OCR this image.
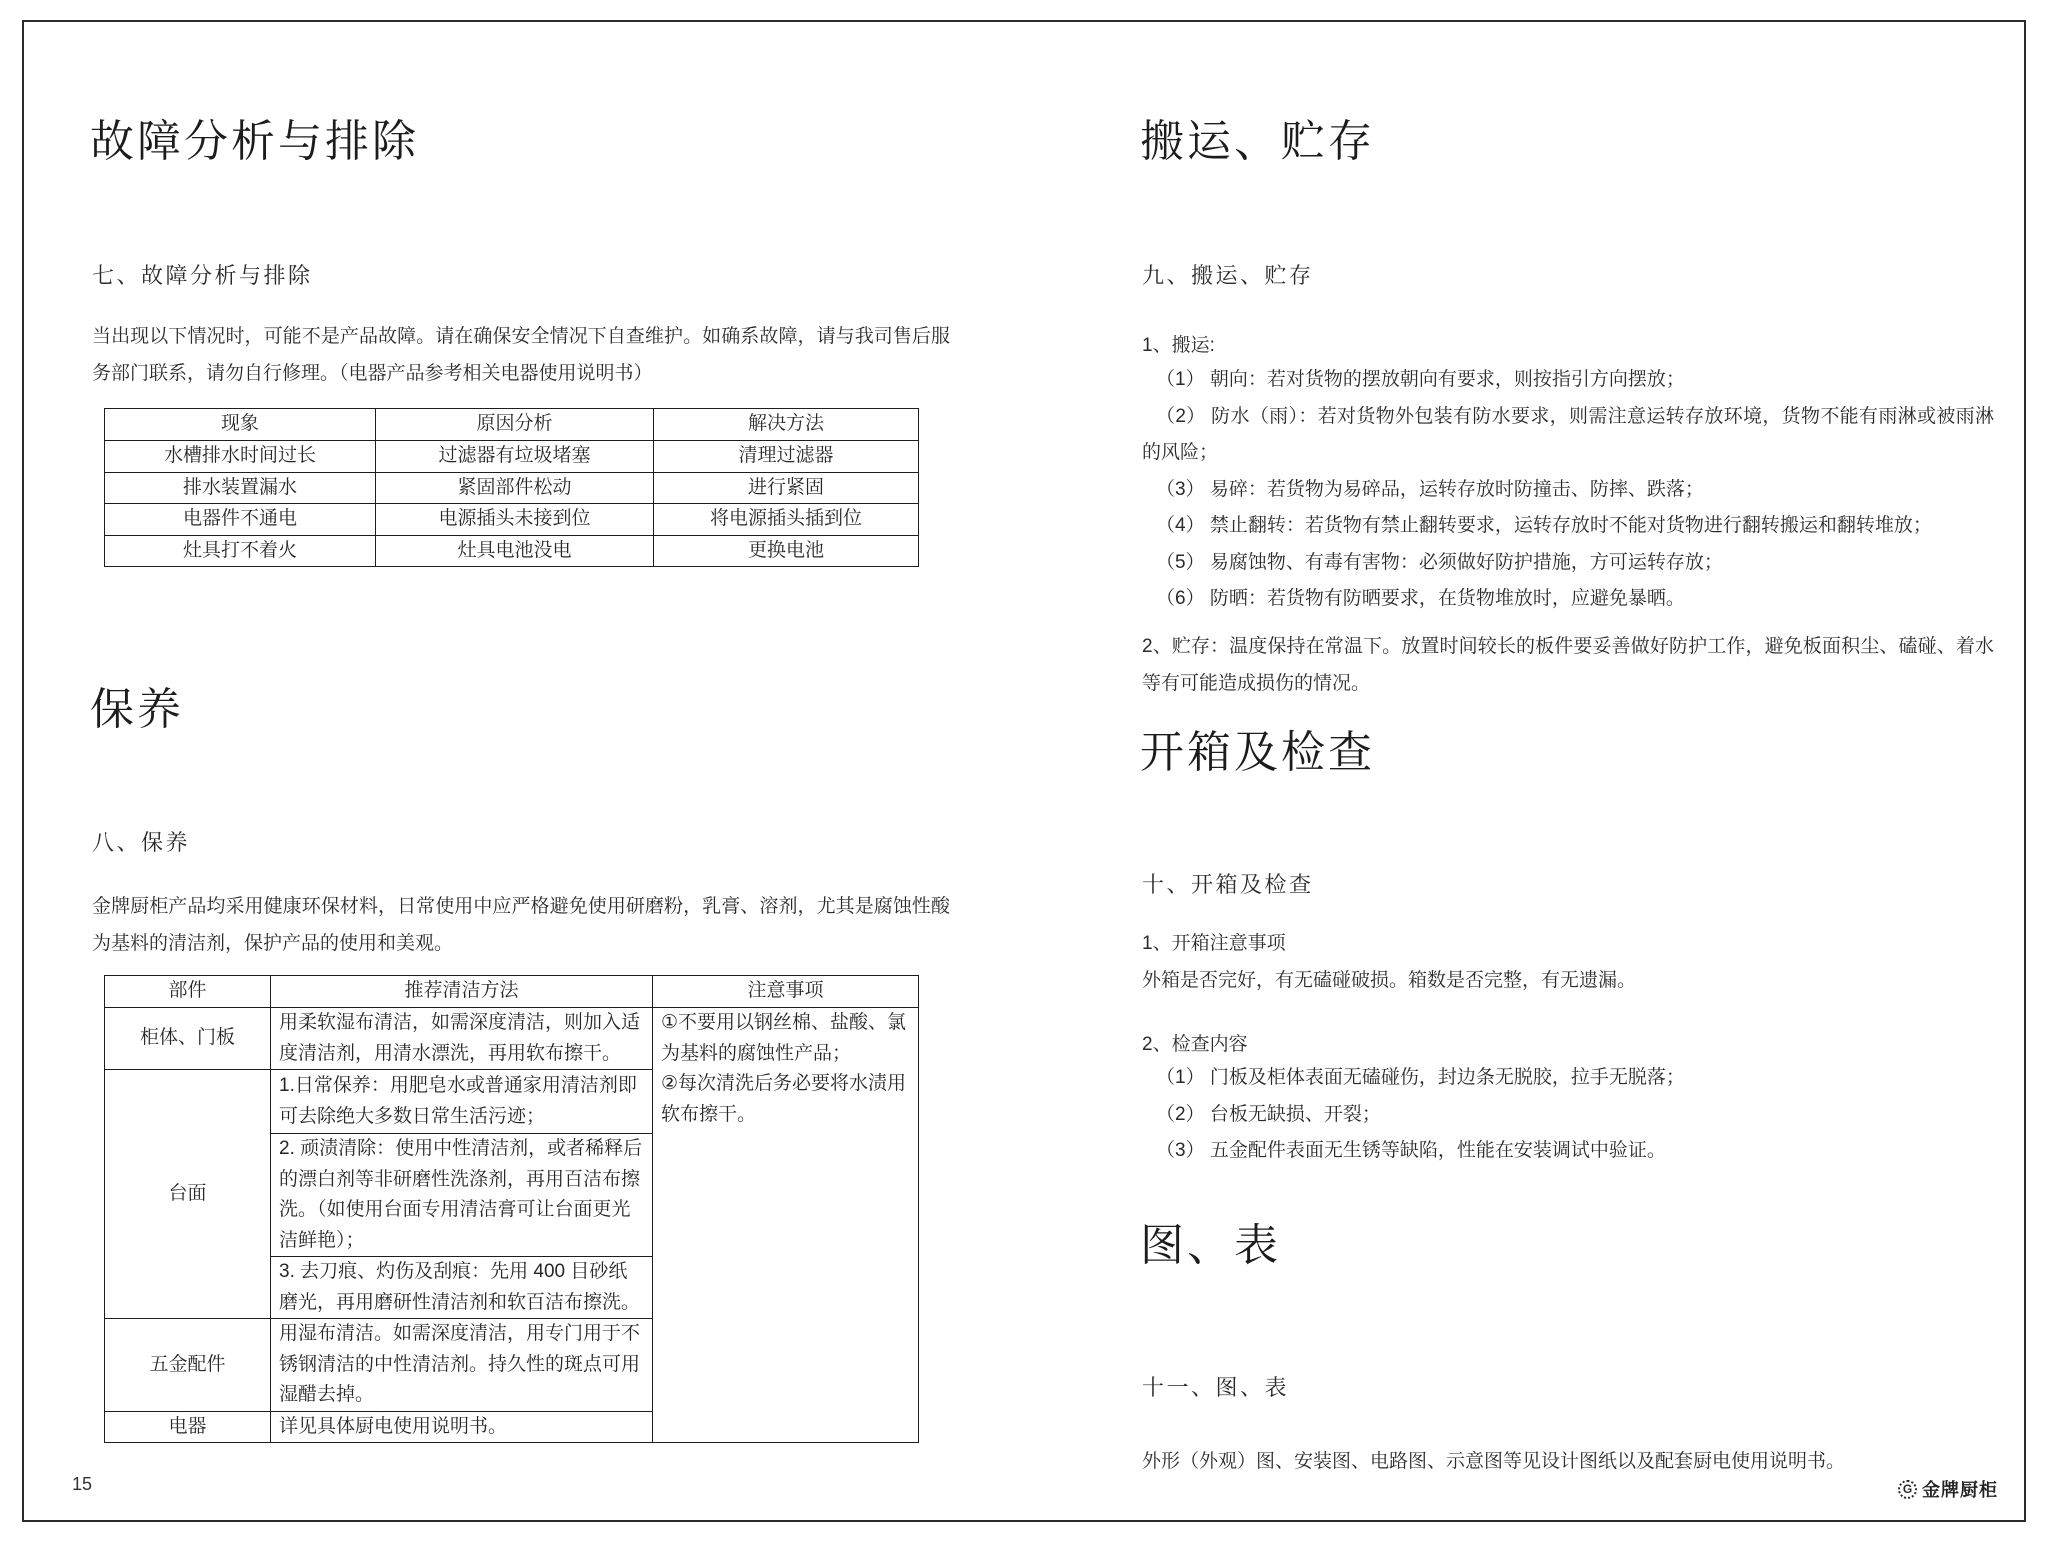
故障分析与排除
七、故障分析与排除

当出现以下情况时，可能不是产品故障。请在确保安全情况下自查维护。如确系故障，请与我司售后服务部门联系，请勿自行修理。（电器产品参考相关电器使用说明书）

现象	原因分析	解决方法
水槽排水时间过长	过滤器有垃圾堵塞	清理过滤器
排水装置漏水	紧固部件松动	进行紧固
电器件不通电	电源插头未接到位	将电源插头插到位
灶具打不着火	灶具电池没电	更换电池
保养
八、保养

金牌厨柜产品均采用健康环保材料，日常使用中应严格避免使用研磨粉，乳膏、溶剂，尤其是腐蚀性酸为基料的清洁剂，保护产品的使用和美观。

部件	推荐清洁方法	注意事项
柜体、门板	用柔软湿布清洁，如需深度清洁，则加入适度清洁剂，用清水漂洗，再用软布擦干。	①不要用以钢丝棉、盐酸、氯为基料的腐蚀性产品；
②每次清洗后务必要将水渍用软布擦干。

台面	1.日常保养：用肥皂水或普通家用清洁剂即可去除绝大多数日常生活污迹；	
	2. 顽渍清除：使用中性清洁剂，或者稀释后的漂白剂等非研磨性洗涤剂，再用百洁布擦洗。（如使用台面专用清洁膏可让台面更光洁鲜艳）；	
	3. 去刀痕、灼伤及刮痕：先用 400 目砂纸磨光，再用磨研性清洁剂和软百洁布擦洗。	
五金配件	用湿布清洁。如需深度清洁，用专门用于不锈钢清洁的中性清洁剂。持久性的斑点可用湿醋去掉。	
电器	详见具体厨电使用说明书。	
搬运、贮存
九、搬运、贮存

1、搬运:

（1） 朝向：若对货物的摆放朝向有要求，则按指引方向摆放；
（2） 防水（雨）：若对货物外包装有防水要求，则需注意运转存放环境，货物不能有雨淋或被雨淋的风险；
（3） 易碎：若货物为易碎品，运转存放时防撞击、防摔、跌落；
（4） 禁止翻转：若货物有禁止翻转要求，运转存放时不能对货物进行翻转搬运和翻转堆放；
（5） 易腐蚀物、有毒有害物：必须做好防护措施，方可运转存放；
（6） 防晒：若货物有防晒要求，在货物堆放时，应避免暴晒。

2、贮存：温度保持在常温下。放置时间较长的板件要妥善做好防护工作，避免板面积尘、磕碰、着水等有可能造成损伤的情况。

开箱及检查
十、开箱及检查
1、开箱注意事项
外箱是否完好，有无磕碰破损。箱数是否完整，有无遗漏。

2、检查内容

（1） 门板及柜体表面无磕碰伤，封边条无脱胶，拉手无脱落；
（2） 台板无缺损、开裂；
（3） 五金配件表面无生锈等缺陷，性能在安装调试中验证。
图、表
十一、图、表

外形（外观）图、安装图、电路图、示意图等见设计图纸以及配套厨电使用说明书。

15	G 金牌厨柜
